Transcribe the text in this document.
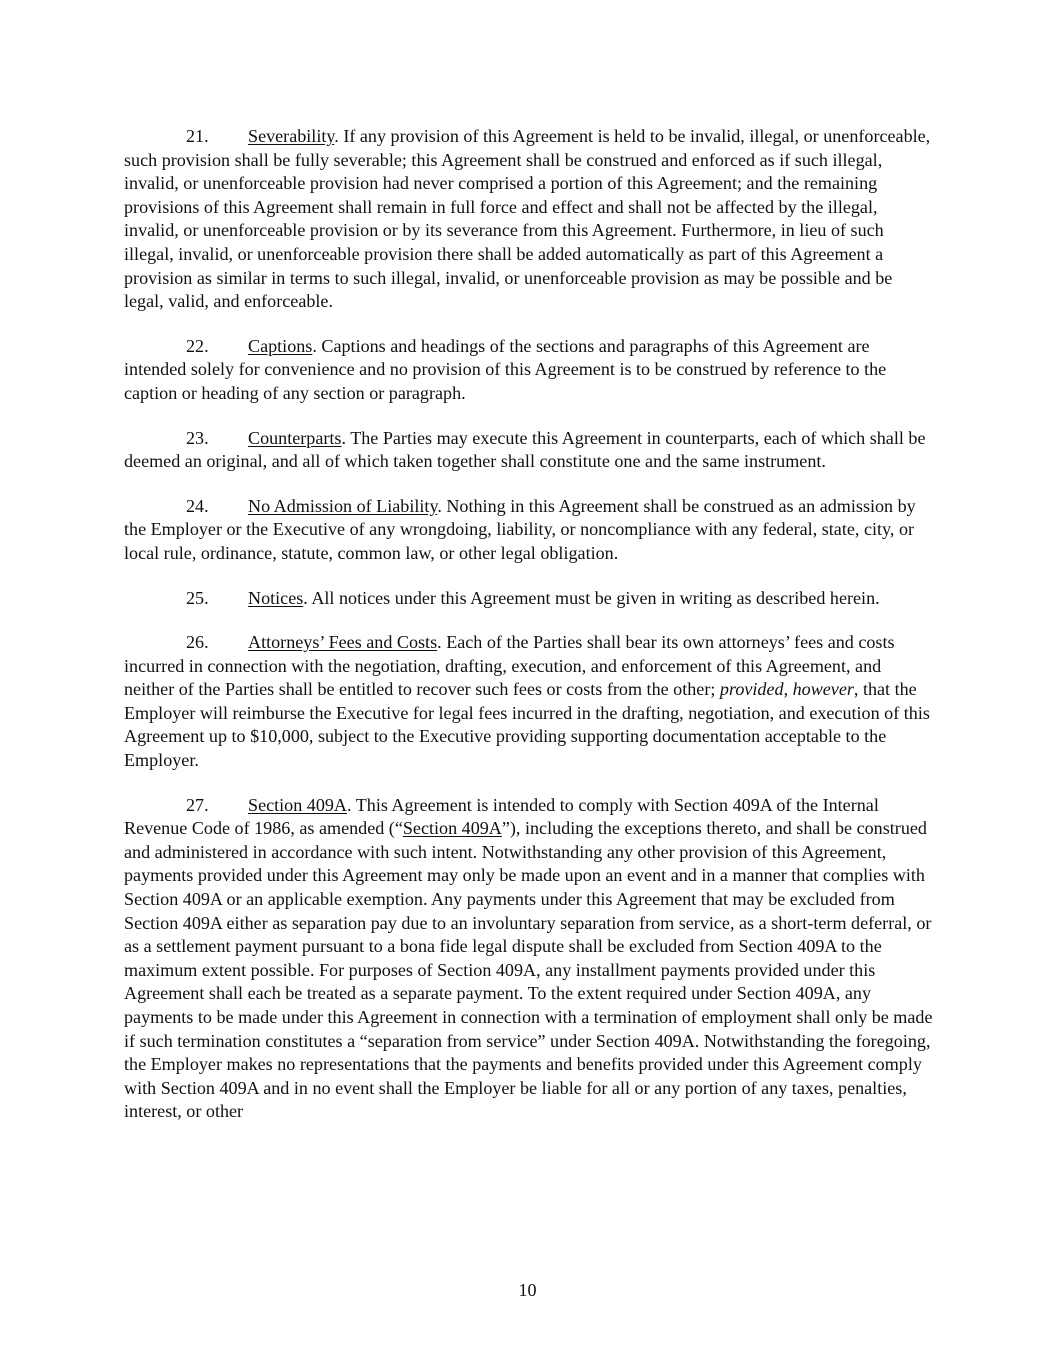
21. Severability. If any provision of this Agreement is held to be invalid, illegal, or unenforceable, such provision shall be fully severable; this Agreement shall be construed and enforced as if such illegal, invalid, or unenforceable provision had never comprised a portion of this Agreement; and the remaining provisions of this Agreement shall remain in full force and effect and shall not be affected by the illegal, invalid, or unenforceable provision or by its severance from this Agreement. Furthermore, in lieu of such illegal, invalid, or unenforceable provision there shall be added automatically as part of this Agreement a provision as similar in terms to such illegal, invalid, or unenforceable provision as may be possible and be legal, valid, and enforceable.

22. Captions. Captions and headings of the sections and paragraphs of this Agreement are intended solely for convenience and no provision of this Agreement is to be construed by reference to the caption or heading of any section or paragraph.

23. Counterparts. The Parties may execute this Agreement in counterparts, each of which shall be deemed an original, and all of which taken together shall constitute one and the same instrument.

24. No Admission of Liability. Nothing in this Agreement shall be construed as an admission by the Employer or the Executive of any wrongdoing, liability, or noncompliance with any federal, state, city, or local rule, ordinance, statute, common law, or other legal obligation.

25. Notices. All notices under this Agreement must be given in writing as described herein.

26. Attorneys’ Fees and Costs. Each of the Parties shall bear its own attorneys’ fees and costs incurred in connection with the negotiation, drafting, execution, and enforcement of this Agreement, and neither of the Parties shall be entitled to recover such fees or costs from the other; provided, however, that the Employer will reimburse the Executive for legal fees incurred in the drafting, negotiation, and execution of this Agreement up to $10,000, subject to the Executive providing supporting documentation acceptable to the Employer.

27. Section 409A. This Agreement is intended to comply with Section 409A of the Internal Revenue Code of 1986, as amended (“Section 409A”), including the exceptions thereto, and shall be construed and administered in accordance with such intent. Notwithstanding any other provision of this Agreement, payments provided under this Agreement may only be made upon an event and in a manner that complies with Section 409A or an applicable exemption. Any payments under this Agreement that may be excluded from Section 409A either as separation pay due to an involuntary separation from service, as a short-term deferral, or as a settlement payment pursuant to a bona fide legal dispute shall be excluded from Section 409A to the maximum extent possible. For purposes of Section 409A, any installment payments provided under this Agreement shall each be treated as a separate payment. To the extent required under Section 409A, any payments to be made under this Agreement in connection with a termination of employment shall only be made if such termination constitutes a “separation from service” under Section 409A. Notwithstanding the foregoing, the Employer makes no representations that the payments and benefits provided under this Agreement comply with Section 409A and in no event shall the Employer be liable for all or any portion of any taxes, penalties, interest, or other

10
